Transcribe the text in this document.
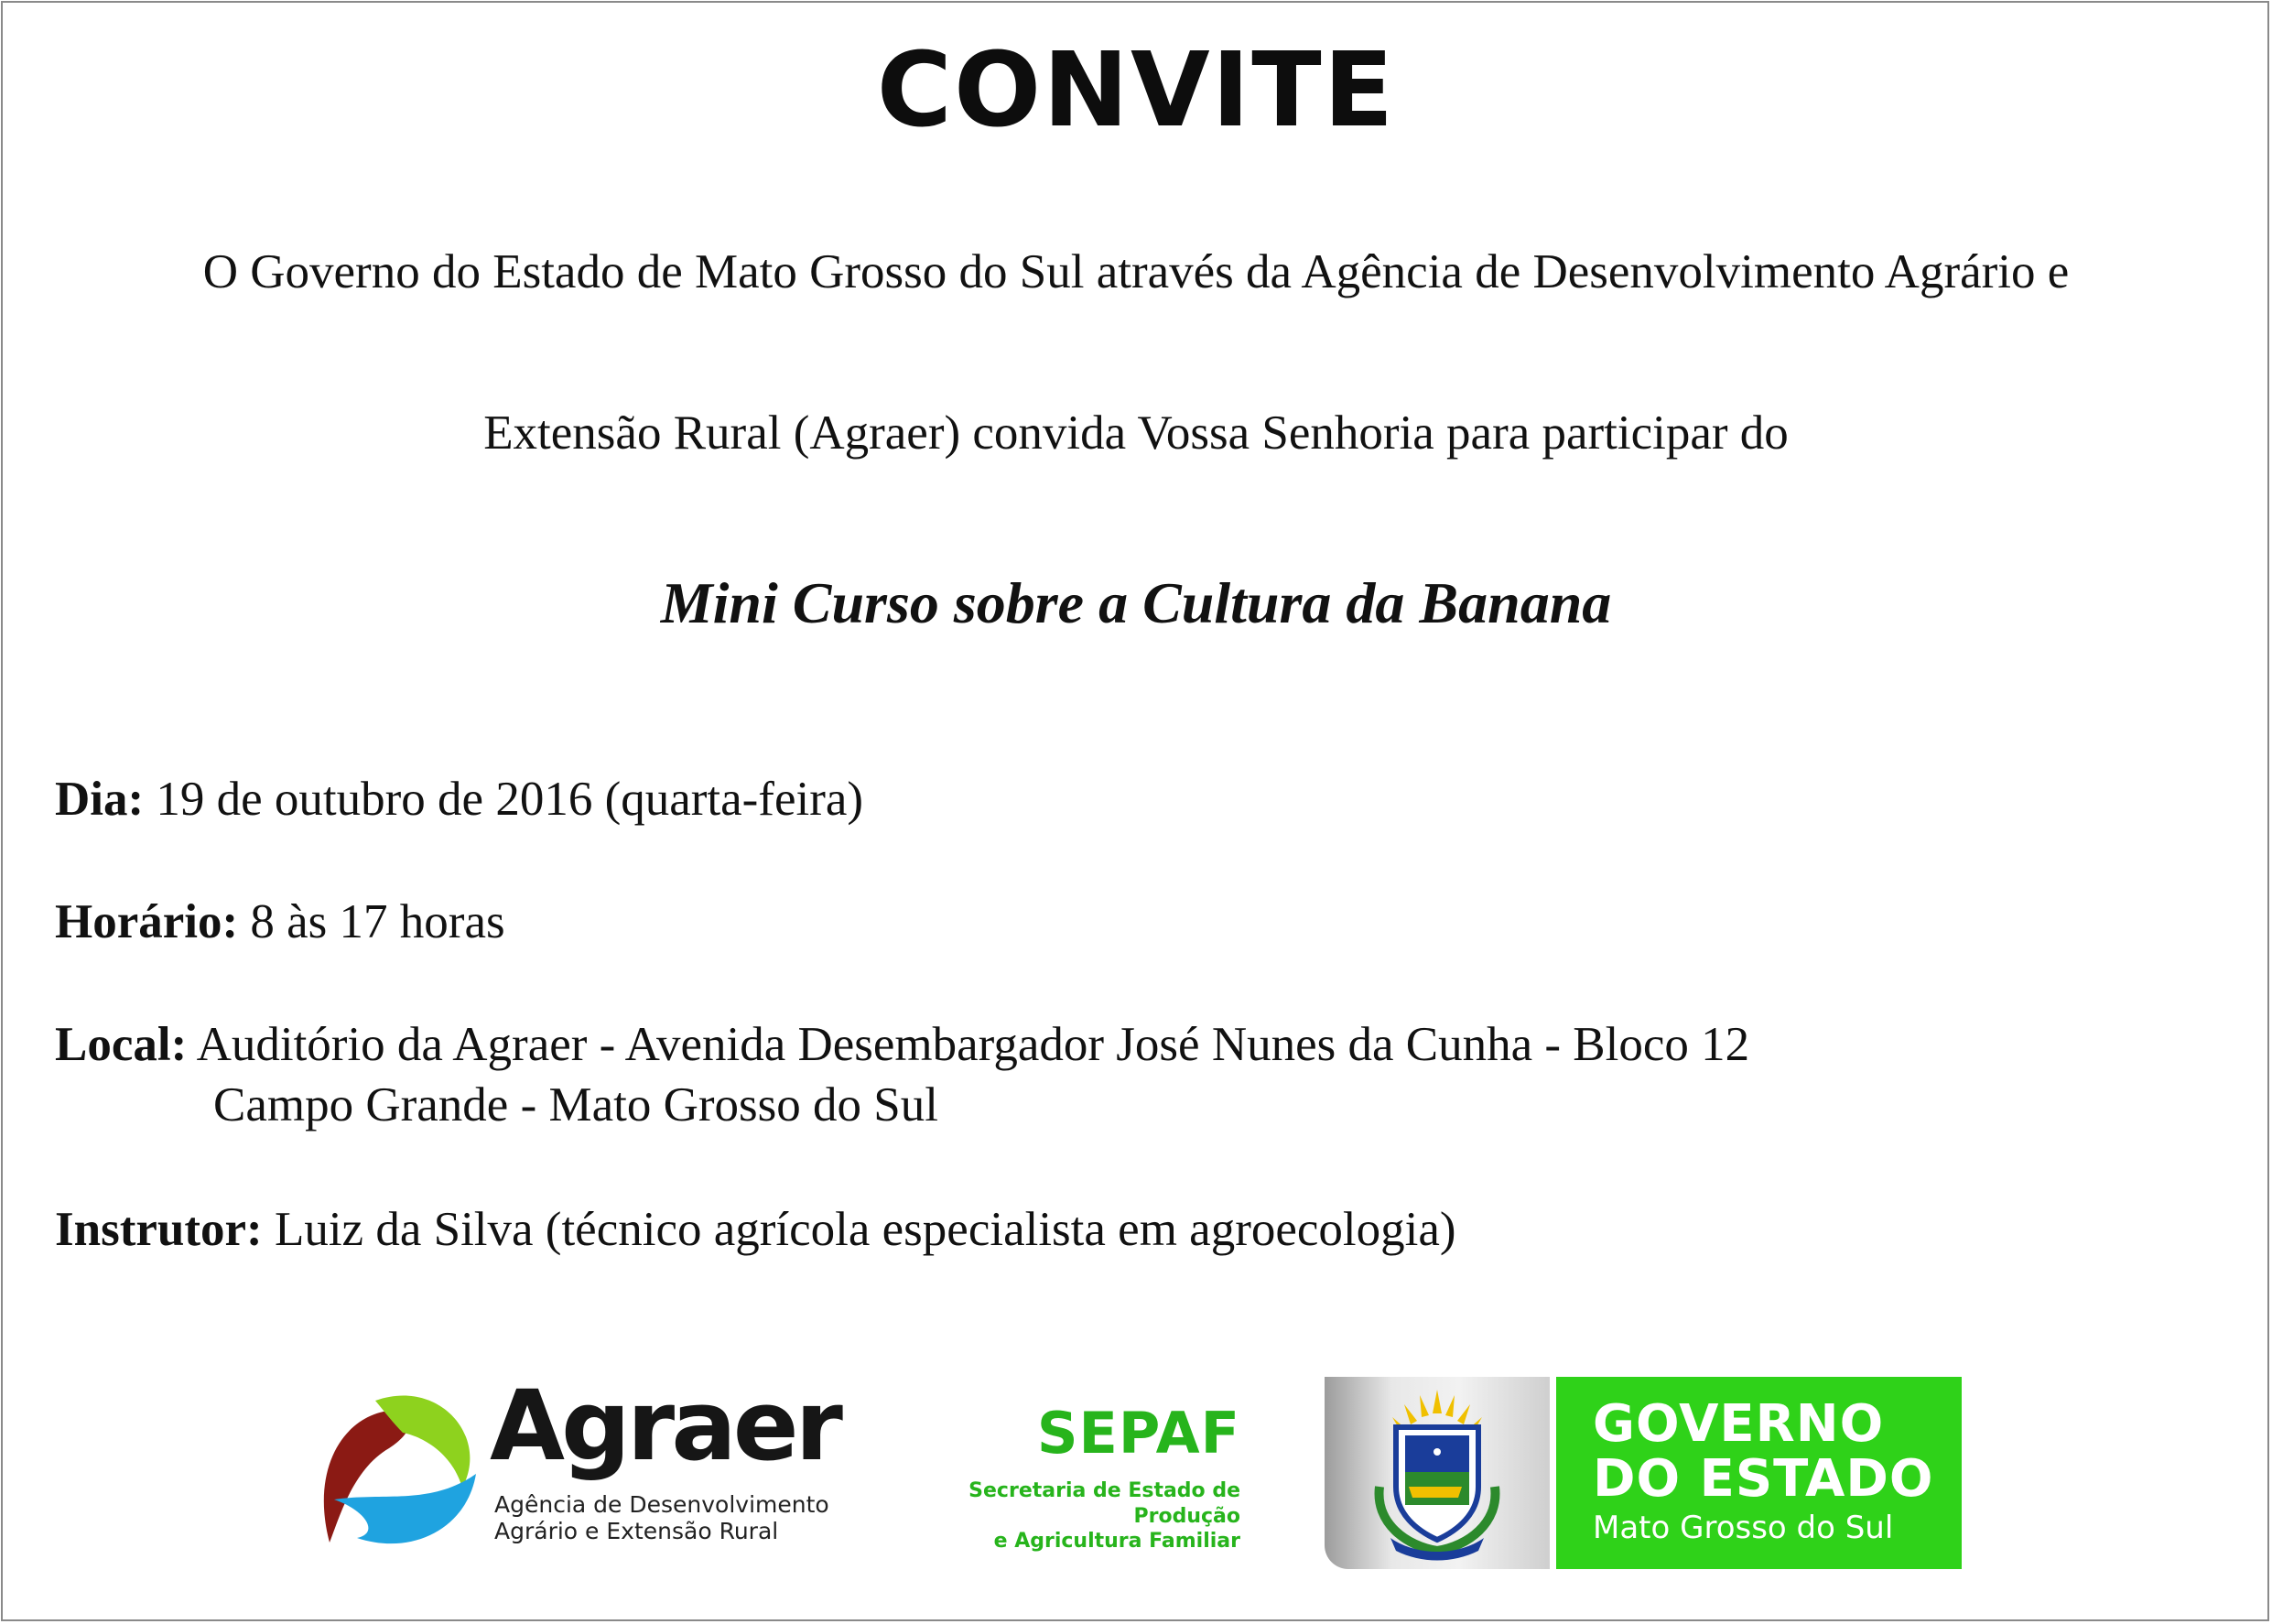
CONVITE
O Governo do Estado de Mato Grosso do Sul através da Agência de Desenvolvimento Agrário e
Extensão Rural (Agraer) convida Vossa Senhoria para participar do
Mini Curso sobre a Cultura da Banana
Dia: 19 de outubro de 2016 (quarta-feira)
Horário: 8 às 17 horas
Local: Auditório da Agraer - Avenida Desembargador José Nunes da Cunha - Bloco 12
Campo Grande - Mato Grosso do Sul
Instrutor: Luiz da Silva (técnico agrícola especialista em agroecologia)
Agraer
Agência de Desenvolvimento
Agrário e Extensão Rural
SEPAF
Secretaria de Estado de Produção
e Agricultura Familiar
GOVERNO
DO ESTADO
Mato Grosso do Sul
